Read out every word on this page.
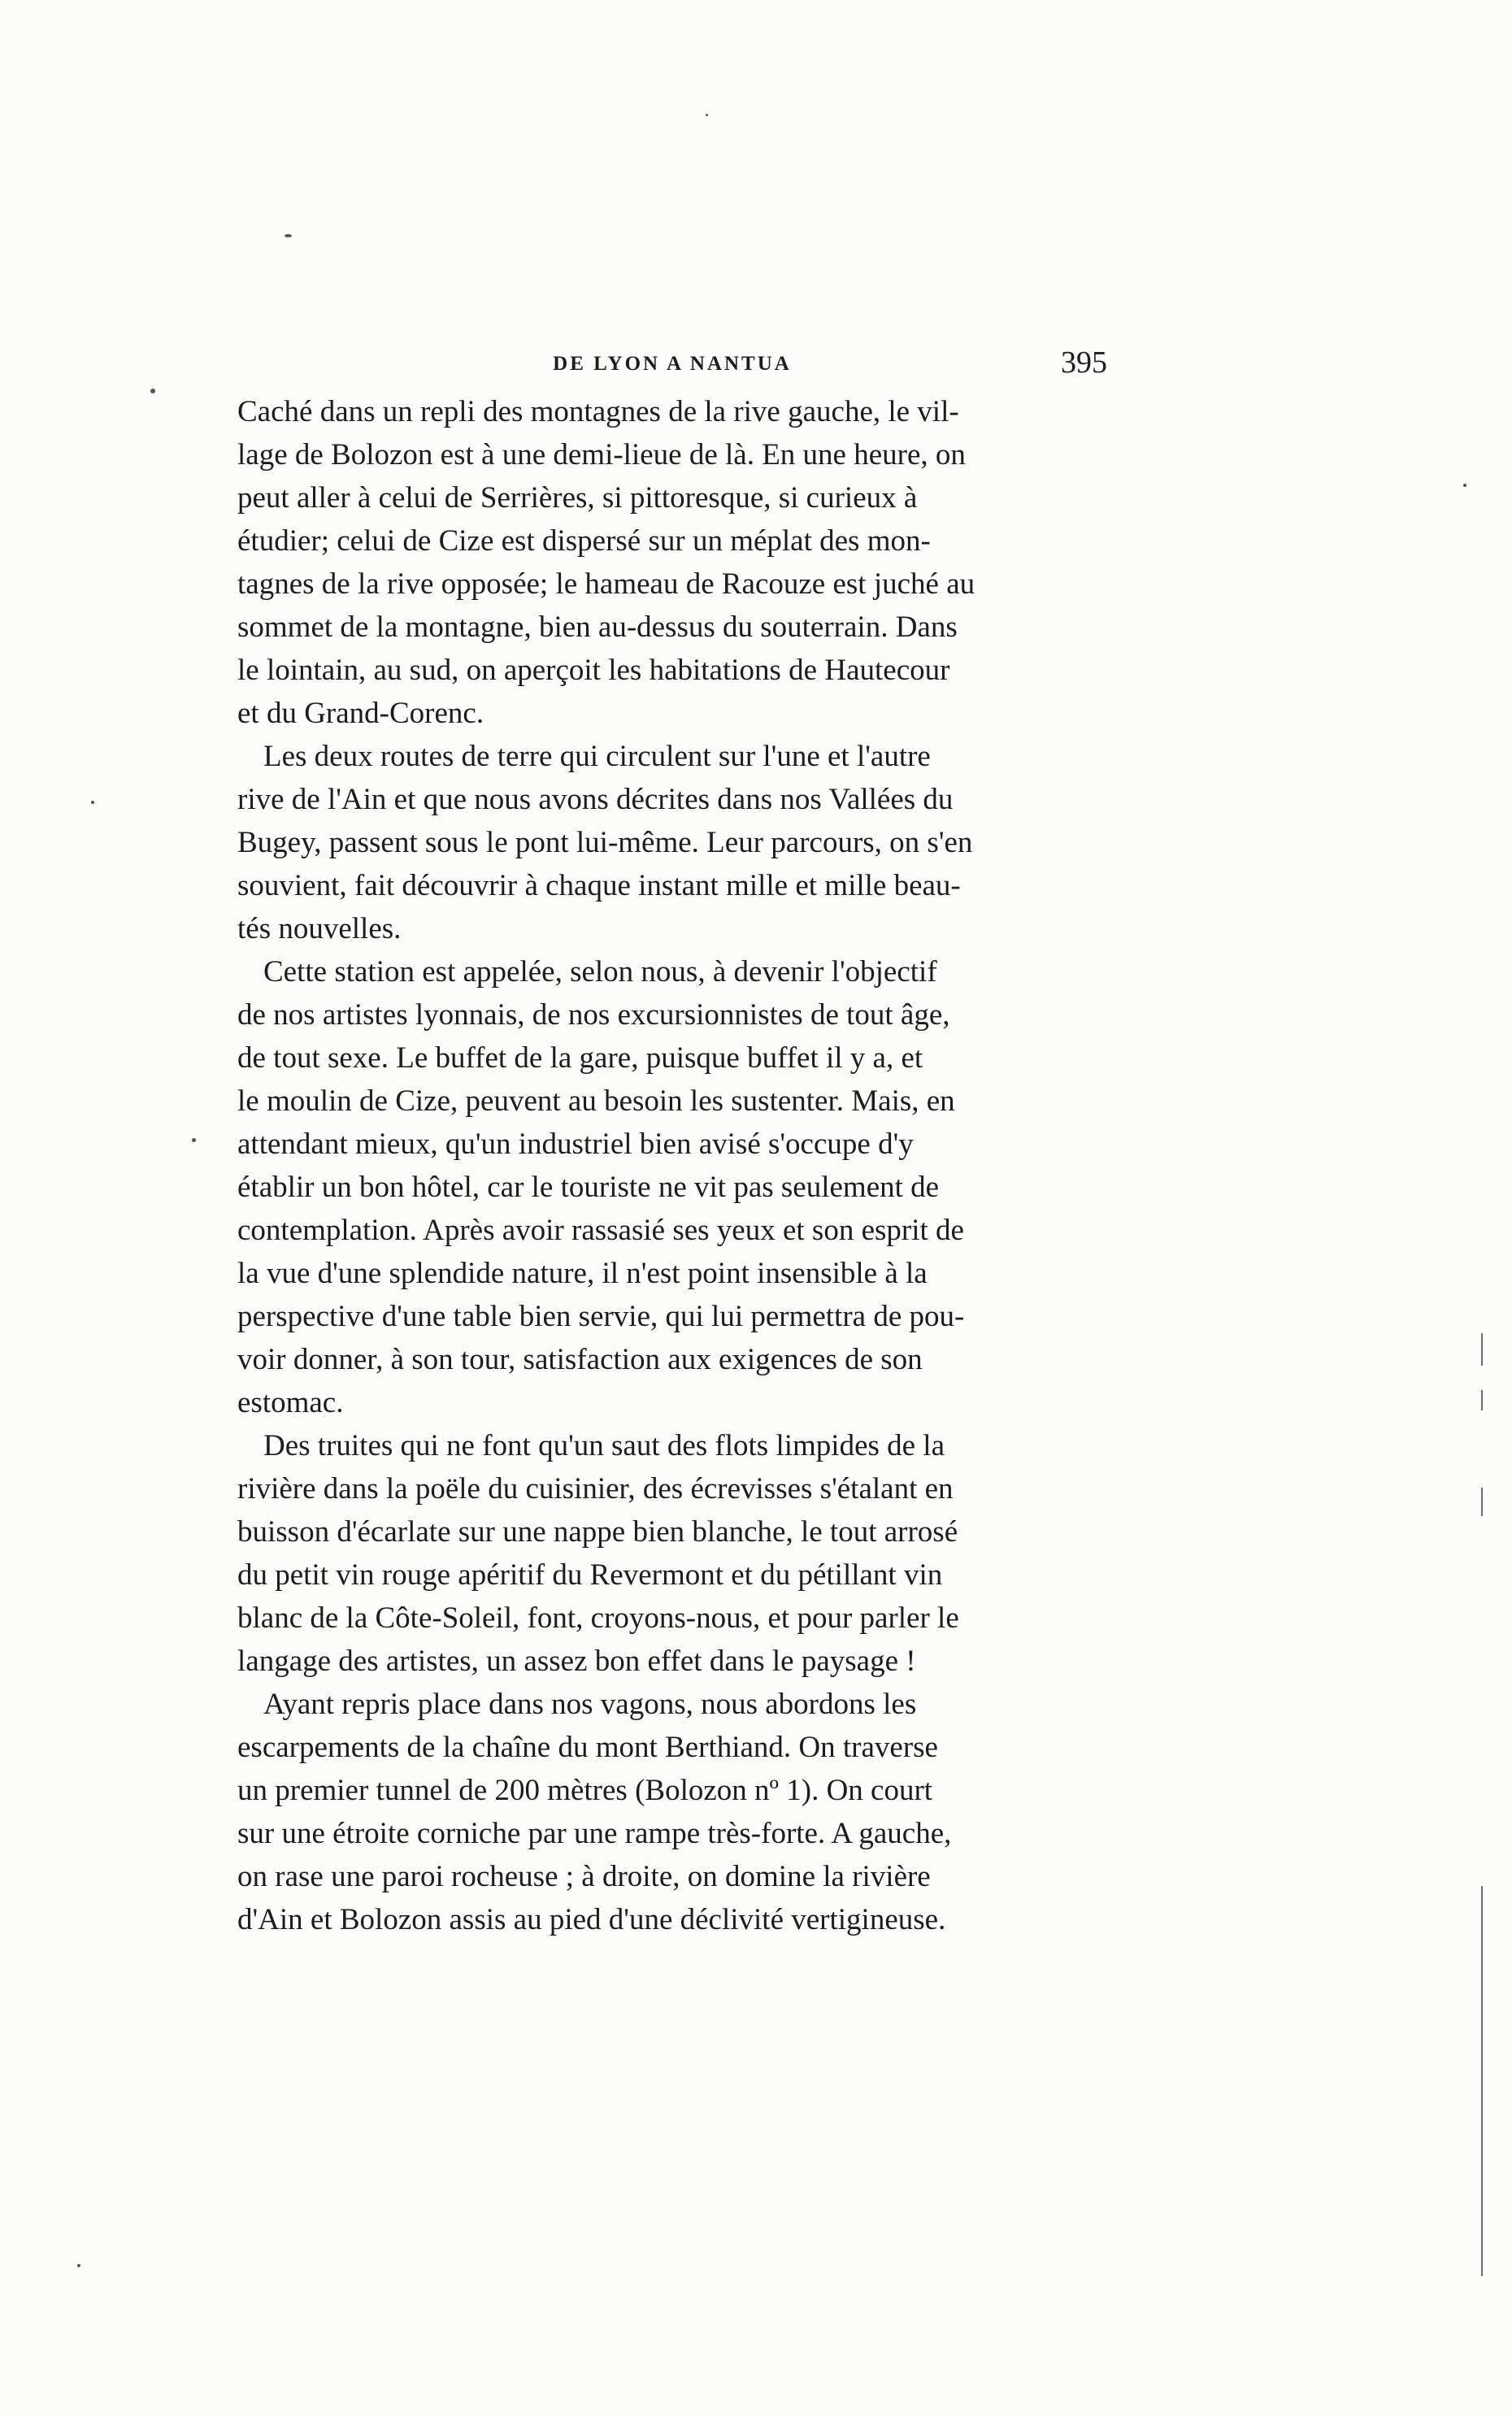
DE LYON A NANTUA	395

Caché dans un repli des montagnes de la rive gauche, le vil-
lage de Bolozon est à une demi-lieue de là. En une heure, on
peut aller à celui de Serrières, si pittoresque, si curieux à
étudier; celui de Cize est dispersé sur un méplat des mon-
tagnes de la rive opposée; le hameau de Racouze est juché au
sommet de la montagne, bien au-dessus du souterrain. Dans
le lointain, au sud, on aperçoit les habitations de Hautecour
et du Grand-Corenc.

Les deux routes de terre qui circulent sur l'une et l'autre
rive de l'Ain et que nous avons décrites dans nos Vallées du
Bugey, passent sous le pont lui-même. Leur parcours, on s'en
souvient, fait découvrir à chaque instant mille et mille beau-
tés nouvelles.

Cette station est appelée, selon nous, à devenir l'objectif
de nos artistes lyonnais, de nos excursionnistes de tout âge,
de tout sexe. Le buffet de la gare, puisque buffet il y a, et
le moulin de Cize, peuvent au besoin les sustenter. Mais, en
attendant mieux, qu'un industriel bien avisé s'occupe d'y
établir un bon hôtel, car le touriste ne vit pas seulement de
contemplation. Après avoir rassasié ses yeux et son esprit de
la vue d'une splendide nature, il n'est point insensible à la
perspective d'une table bien servie, qui lui permettra de pou-
voir donner, à son tour, satisfaction aux exigences de son
estomac.

Des truites qui ne font qu'un saut des flots limpides de la
rivière dans la poële du cuisinier, des écrevisses s'étalant en
buisson d'écarlate sur une nappe bien blanche, le tout arrosé
du petit vin rouge apéritif du Revermont et du pétillant vin
blanc de la Côte-Soleil, font, croyons-nous, et pour parler le
langage des artistes, un assez bon effet dans le paysage !

Ayant repris place dans nos vagons, nous abordons les
escarpements de la chaîne du mont Berthiand. On traverse
un premier tunnel de 200 mètres (Bolozon nº 1). On court
sur une étroite corniche par une rampe très-forte. A gauche,
on rase une paroi rocheuse ; à droite, on domine la rivière
d'Ain et Bolozon assis au pied d'une déclivité vertigineuse.
